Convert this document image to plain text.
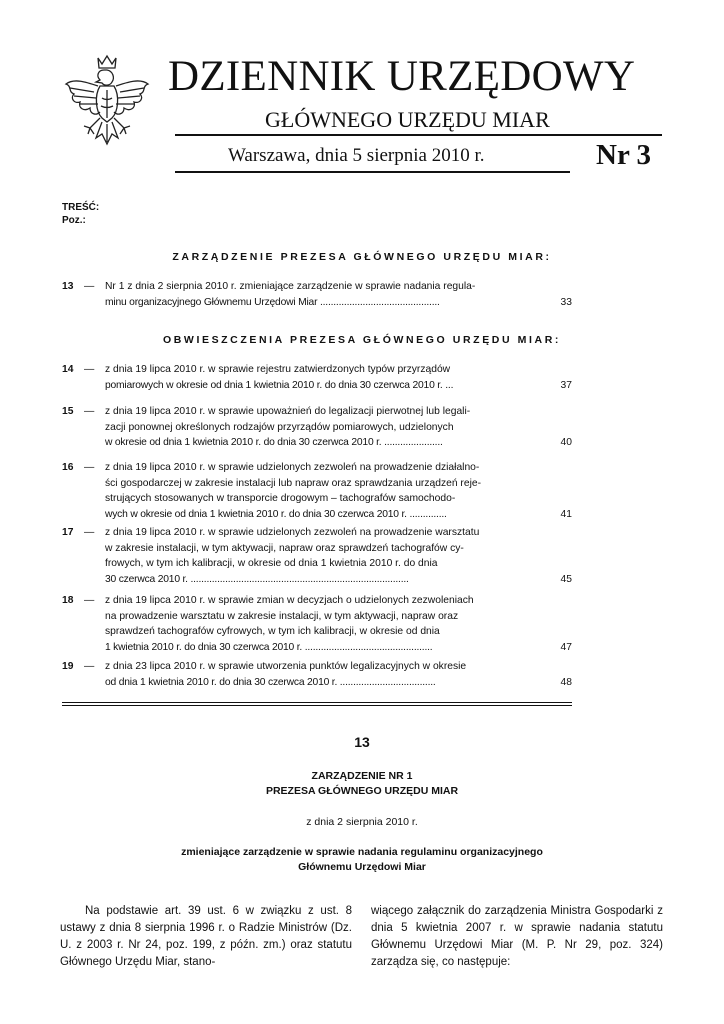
DZIENNIK URZĘDOWY
GŁÓWNEGO URZĘDU MIAR
Warszawa, dnia 5 sierpnia 2010 r.	Nr 3
TREŚĆ:
Poz.:
ZARZĄDZENIE PREZESA GŁÓWNEGO URZĘDU MIAR:
13	—	Nr 1 z dnia 2 sierpnia 2010 r. zmieniające zarządzenie w sprawie nadania regula-
minu organizacyjnego Głównemu Urzędowi Miar .............................................	33
OBWIESZCZENIA PREZESA GŁÓWNEGO URZĘDU MIAR:
14	—	z dnia 19 lipca 2010 r. w sprawie rejestru zatwierdzonych typów przyrządów
pomiarowych w okresie od dnia 1 kwietnia 2010 r. do dnia 30 czerwca 2010 r. ...	37
15	—	z dnia 19 lipca 2010 r. w sprawie upoważnień do legalizacji pierwotnej lub legali-
zacji ponownej określonych rodzajów przyrządów pomiarowych, udzielonych
w okresie od dnia 1 kwietnia 2010 r. do dnia 30 czerwca 2010 r. ......................	40
16	—	z dnia 19 lipca 2010 r. w sprawie udzielonych zezwoleń na prowadzenie działalno-
ści gospodarczej w zakresie instalacji lub napraw oraz sprawdzania urządzeń reje-
strujących stosowanych w transporcie drogowym – tachografów samochodo-
wych w okresie od dnia 1 kwietnia 2010 r. do dnia 30 czerwca 2010 r. ..............	41
17	—	z dnia 19 lipca 2010 r. w sprawie udzielonych zezwoleń na prowadzenie warsztatu
w zakresie instalacji, w tym aktywacji, napraw oraz sprawdzeń tachografów cy-
frowych, w tym ich kalibracji, w okresie od dnia 1 kwietnia 2010 r. do dnia
30 czerwca 2010 r. ..................................................................................	45
18	—	z dnia 19 lipca 2010 r. w sprawie zmian w decyzjach o udzielonych zezwoleniach
na prowadzenie warsztatu w zakresie instalacji, w tym aktywacji, napraw oraz
sprawdzeń tachografów cyfrowych, w tym ich kalibracji, w okresie od dnia
1 kwietnia 2010 r. do dnia 30 czerwca 2010 r. ................................................	47
19	—	z dnia 23 lipca 2010 r. w sprawie utworzenia punktów legalizacyjnych w okresie
od dnia 1 kwietnia 2010 r. do dnia 30 czerwca 2010 r. ....................................	48
13
ZARZĄDZENIE NR 1
PREZESA GŁÓWNEGO URZĘDU MIAR
z dnia 2 sierpnia 2010 r.
zmieniające zarządzenie w sprawie nadania regulaminu organizacyjnego
Głównemu Urzędowi Miar
Na podstawie art. 39 ust. 6 w związku z ust. 8 ustawy z dnia 8 sierpnia 1996 r. o Radzie Ministrów (Dz. U. z 2003 r. Nr 24, poz. 199, z późn. zm.) oraz statutu Głównego Urzędu Miar, stano-
wiącego załącznik do zarządzenia Ministra Gospodarki z dnia 5 kwietnia 2007 r. w sprawie nadania statutu Głównemu Urzędowi Miar (M. P. Nr 29, poz. 324) zarządza się, co następuje:
